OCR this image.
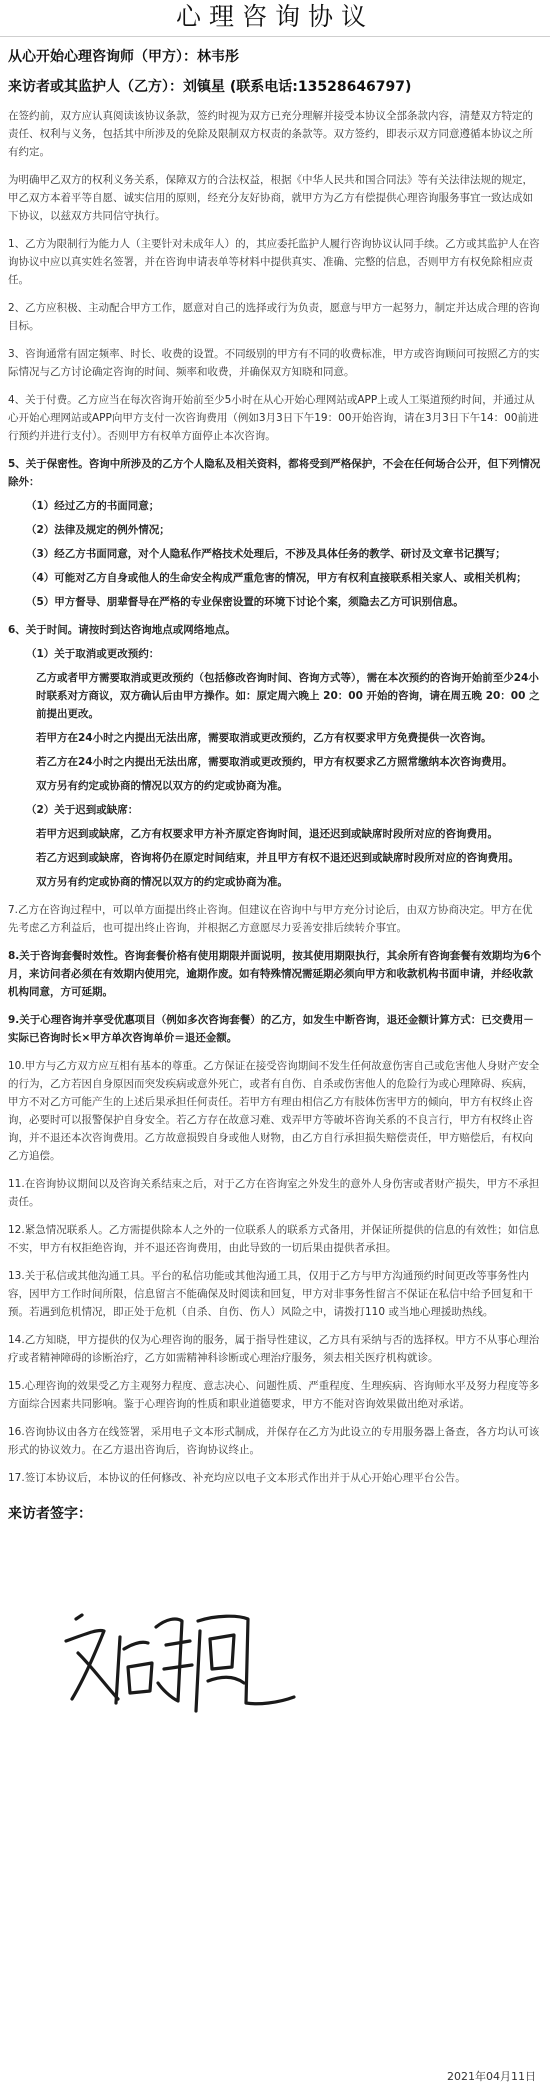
心理咨询协议
从心开始心理咨询师（甲方）：林韦彤
来访者或其监护人（乙方）：刘镇星 (联系电话:13528646797)

在签约前，双方应认真阅读该协议条款，签约时视为双方已充分理解并接受本协议全部条款内容，清楚双方特定的责任、权利与义务，包括其中所涉及的免除及限制双方权责的条款等。双方签约，即表示双方同意遵循本协议之所有约定。

为明确甲乙双方的权利义务关系，保障双方的合法权益，根据《中华人民共和国合同法》等有关法律法规的规定，甲乙双方本着平等自愿、诚实信用的原则，经充分友好协商，就甲方为乙方有偿提供心理咨询服务事宜一致达成如下协议，以兹双方共同信守执行。

1、乙方为限制行为能力人（主要针对未成年人）的，其应委托监护人履行咨询协议认同手续。乙方或其监护人在咨询协议中应以真实姓名签署，并在咨询申请表单等材料中提供真实、准确、完整的信息，否则甲方有权免除相应责任。

2、乙方应积极、主动配合甲方工作，愿意对自己的选择或行为负责，愿意与甲方一起努力，制定并达成合理的咨询目标。

3、咨询通常有固定频率、时长、收费的设置。不同级别的甲方有不同的收费标准，甲方或咨询顾问可按照乙方的实际情况与乙方讨论确定咨询的时间、频率和收费，并确保双方知晓和同意。

4、关于付费。乙方应当在每次咨询开始前至少5小时在从心开始心理网站或APP上或人工渠道预约时间，并通过从心开始心理网站或APP向甲方支付一次咨询费用（例如3月3日下午19：00开始咨询，请在3月3日下午14：00前进行预约并进行支付）。否则甲方有权单方面停止本次咨询。

5、关于保密性。咨询中所涉及的乙方个人隐私及相关资料，都将受到严格保护，不会在任何场合公开，但下列情况除外：

（1）经过乙方的书面同意；

（2）法律及规定的例外情况；

（3）经乙方书面同意，对个人隐私作严格技术处理后，不涉及具体任务的教学、研讨及文章书记撰写；

（4）可能对乙方自身或他人的生命安全构成严重危害的情况，甲方有权利直接联系相关家人、或相关机构；

（5）甲方督导、朋辈督导在严格的专业保密设置的环境下讨论个案，须隐去乙方可识别信息。

6、关于时间。请按时到达咨询地点或网络地点。

（1）关于取消或更改预约：

乙方或者甲方需要取消或更改预约（包括修改咨询时间、咨询方式等），需在本次预约的咨询开始前至少24小时联系对方商议，双方确认后由甲方操作。如：原定周六晚上 20：00 开始的咨询，请在周五晚 20：00 之前提出更改。

若甲方在24小时之内提出无法出席，需要取消或更改预约，乙方有权要求甲方免费提供一次咨询。

若乙方在24小时之内提出无法出席，需要取消或更改预约，甲方有权要求乙方照常缴纳本次咨询费用。

双方另有约定或协商的情况以双方的约定或协商为准。

（2）关于迟到或缺席：

若甲方迟到或缺席，乙方有权要求甲方补齐原定咨询时间，退还迟到或缺席时段所对应的咨询费用。

若乙方迟到或缺席，咨询将仍在原定时间结束，并且甲方有权不退还迟到或缺席时段所对应的咨询费用。

双方另有约定或协商的情况以双方的约定或协商为准。

7.乙方在咨询过程中，可以单方面提出终止咨询。但建议在咨询中与甲方充分讨论后，由双方协商决定。甲方在优先考虑乙方利益后，也可提出终止咨询，并根据乙方意愿尽力妥善安排后续转介事宜。

8.关于咨询套餐时效性。咨询套餐价格有使用期限并面说明，按其使用期限执行，其余所有咨询套餐有效期均为6个月，来访问者必须在有效期内使用完，逾期作废。如有特殊情况需延期必须向甲方和收款机构书面申请，并经收款机构同意，方可延期。

9.关于心理咨询并享受优惠项目（例如多次咨询套餐）的乙方，如发生中断咨询，退还金额计算方式：已交费用－实际已咨询时长×甲方单次咨询单价＝退还金额。

10.甲方与乙方双方应互相有基本的尊重。乙方保证在接受咨询期间不发生任何故意伤害自己或危害他人身财产安全的行为，乙方若因自身原因而突发疾病或意外死亡，或者有自伤、自杀或伤害他人的危险行为或心理障碍、疾病，甲方不对乙方可能产生的上述后果承担任何责任。若甲方有理由相信乙方有肢体伤害甲方的倾向，甲方有权终止咨询，必要时可以报警保护自身安全。若乙方存在故意习难、戏弄甲方等破坏咨询关系的不良言行，甲方有权终止咨询，并不退还本次咨询费用。乙方故意损毁自身或他人财物，由乙方自行承担损失赔偿责任，甲方赔偿后，有权向乙方追偿。

11.在咨询协议期间以及咨询关系结束之后，对于乙方在咨询室之外发生的意外人身伤害或者财产损失，甲方不承担责任。

12.紧急情况联系人。乙方需提供除本人之外的一位联系人的联系方式备用，并保证所提供的信息的有效性；如信息不实，甲方有权拒绝咨询，并不退还咨询费用，由此导致的一切后果由提供者承担。

13.关于私信或其他沟通工具。平台的私信功能或其他沟通工具，仅用于乙方与甲方沟通预约时间更改等事务性内容，因甲方工作时间所限，信息留言不能确保及时阅读和回复，甲方对非事务性留言不保证在私信中给予回复和干预。若遇到危机情况，即正处于危机（自杀、自伤、伤人）风险之中，请拨打110 或当地心理援助热线。

14.乙方知晓，甲方提供的仅为心理咨询的服务，属于指导性建议，乙方具有采纳与否的选择权。甲方不从事心理治疗或者精神障碍的诊断治疗，乙方如需精神科诊断或心理治疗服务，须去相关医疗机构就诊。

15.心理咨询的效果受乙方主观努力程度、意志决心、问题性质、严重程度、生理疾病、咨询师水平及努力程度等多方面综合因素共同影响。鉴于心理咨询的性质和职业道德要求，甲方不能对咨询效果做出绝对承诺。

16.咨询协议由各方在线签署，采用电子文本形式制成，并保存在乙方为此设立的专用服务器上备查，各方均认可该形式的协议效力。在乙方退出咨询后，咨询协议终止。

17.签订本协议后，本协议的任何修改、补充均应以电子文本形式作出并于从心开始心理平台公告。

来访者签字：
2021年04月11日
